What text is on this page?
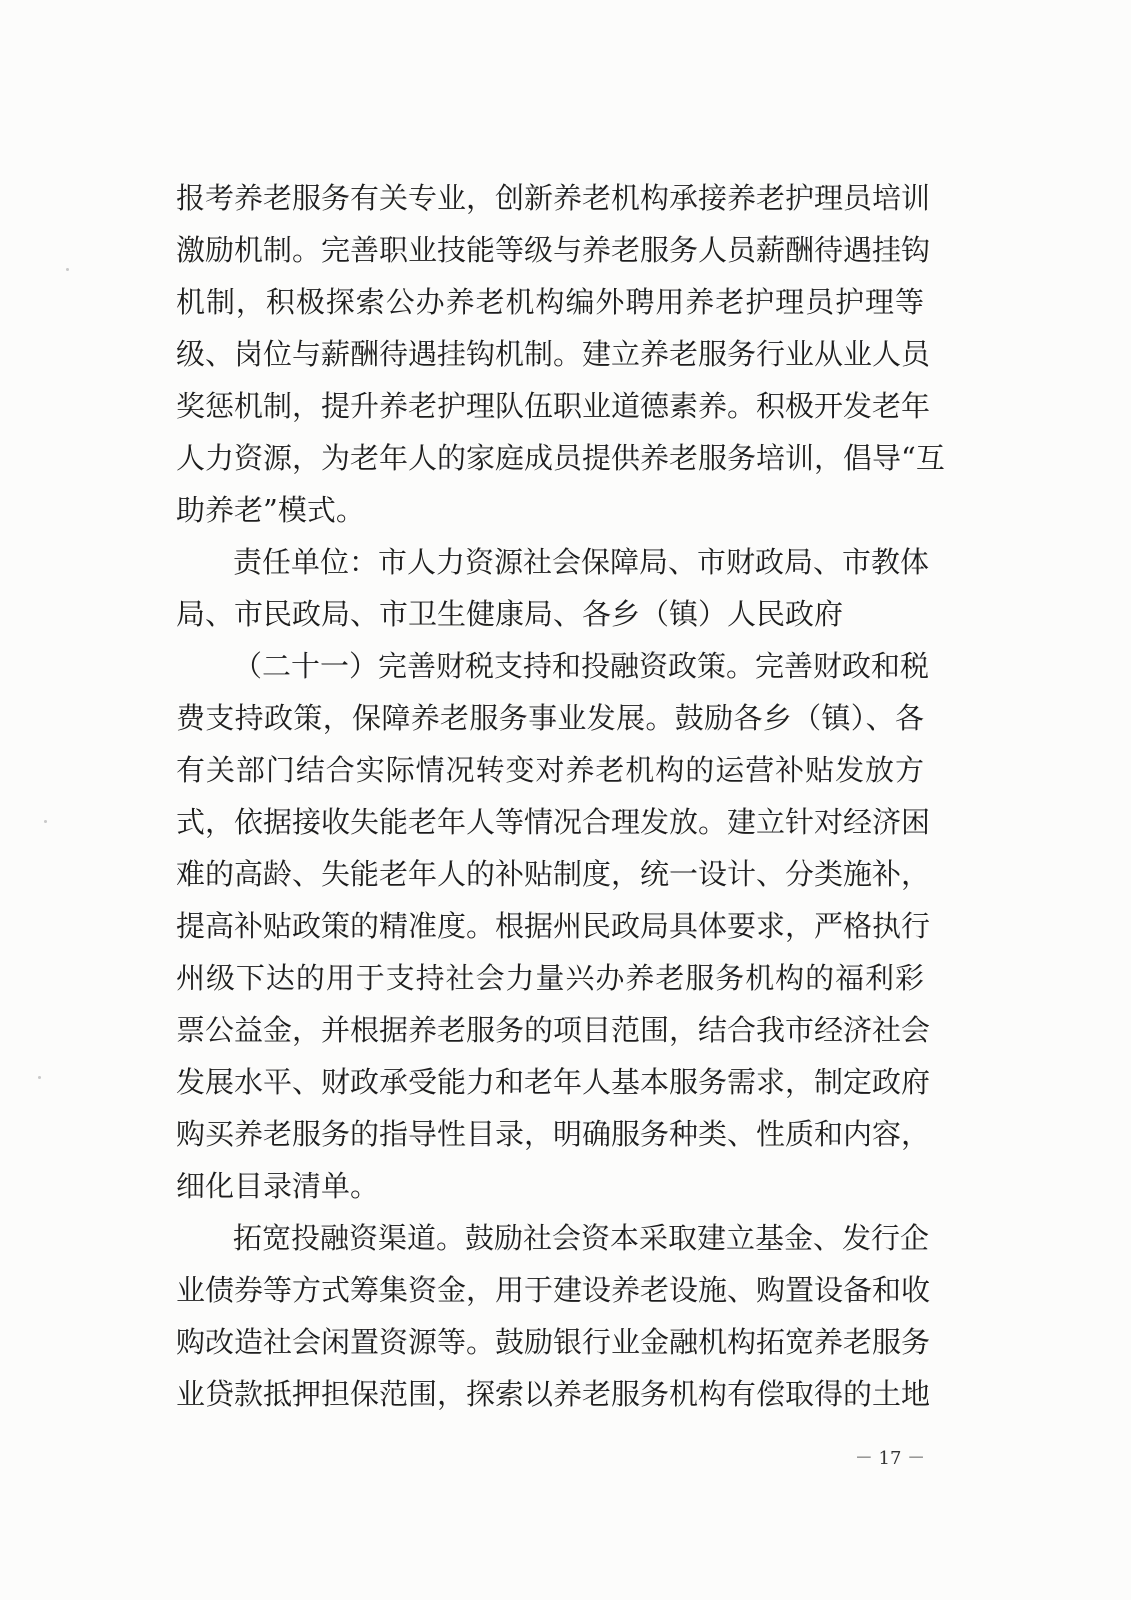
报考养老服务有关专业，创新养老机构承接养老护理员培训
激励机制。完善职业技能等级与养老服务人员薪酬待遇挂钩
机制，积极探索公办养老机构编外聘用养老护理员护理等
级、岗位与薪酬待遇挂钩机制。建立养老服务行业从业人员
奖惩机制，提升养老护理队伍职业道德素养。积极开发老年
人力资源，为老年人的家庭成员提供养老服务培训，倡导“互
助养老”模式。
责任单位：市人力资源社会保障局、市财政局、市教体
局、市民政局、市卫生健康局、各乡（镇）人民政府
（二十一）完善财税支持和投融资政策。完善财政和税
费支持政策，保障养老服务事业发展。鼓励各乡（镇）、各
有关部门结合实际情况转变对养老机构的运营补贴发放方
式，依据接收失能老年人等情况合理发放。建立针对经济困
难的高龄、失能老年人的补贴制度，统一设计、分类施补，
提高补贴政策的精准度。根据州民政局具体要求，严格执行
州级下达的用于支持社会力量兴办养老服务机构的福利彩
票公益金，并根据养老服务的项目范围，结合我市经济社会
发展水平、财政承受能力和老年人基本服务需求，制定政府
购买养老服务的指导性目录，明确服务种类、性质和内容，
细化目录清单。
拓宽投融资渠道。鼓励社会资本采取建立基金、发行企
业债券等方式筹集资金，用于建设养老设施、购置设备和收
购改造社会闲置资源等。鼓励银行业金融机构拓宽养老服务
业贷款抵押担保范围，探索以养老服务机构有偿取得的土地
－ 17 －
